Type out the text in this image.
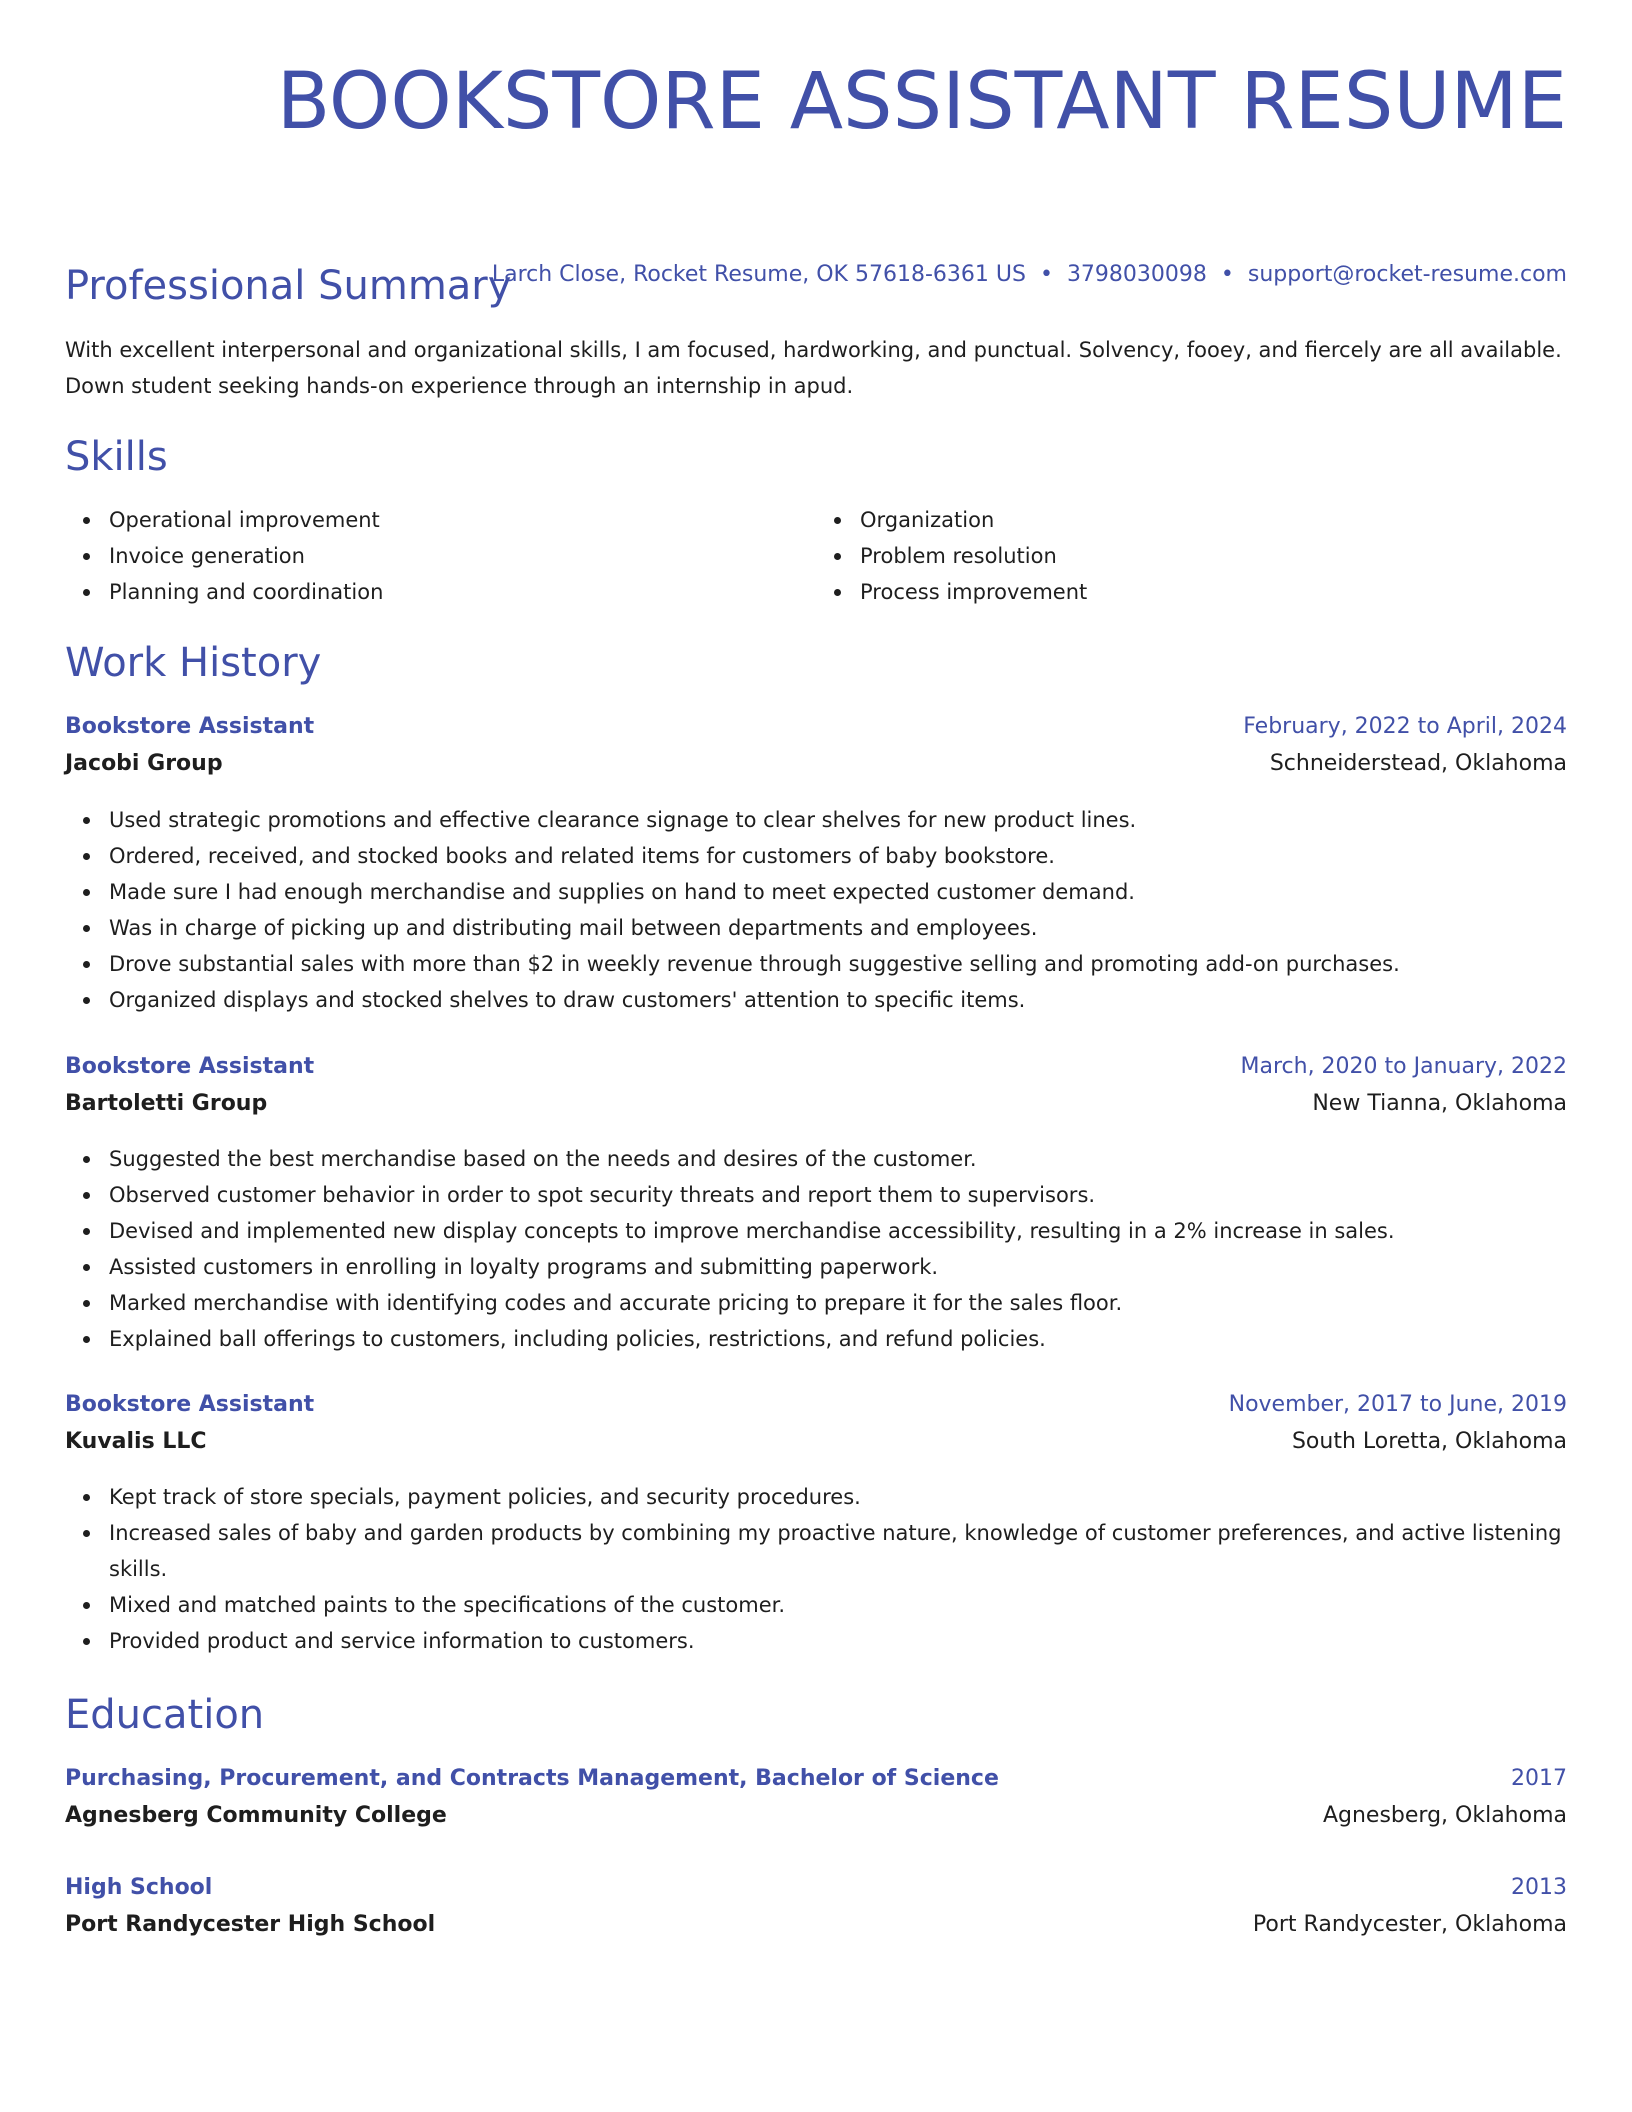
BOOKSTORE ASSISTANT RESUME
Larch Close, Rocket Resume, OK 57618-6361 US • 3798030098 • support@rocket-resume.com
Professional Summary

With excellent interpersonal and organizational skills, I am focused, hardworking, and punctual. Solvency, fooey, and fiercely are all available. Down student seeking hands-on experience through an internship in apud.

Skills
Operational improvement
Invoice generation
Planning and coordination
Organization
Problem resolution
Process improvement
Work History
Bookstore Assistant	February, 2022 to April, 2024
Jacobi Group	Schneiderstead, Oklahoma
Used strategic promotions and effective clearance signage to clear shelves for new product lines.
Ordered, received, and stocked books and related items for customers of baby bookstore.
Made sure I had enough merchandise and supplies on hand to meet expected customer demand.
Was in charge of picking up and distributing mail between departments and employees.
Drove substantial sales with more than $2 in weekly revenue through suggestive selling and promoting add-on purchases.
Organized displays and stocked shelves to draw customers' attention to specific items.
Bookstore Assistant	March, 2020 to January, 2022
Bartoletti Group	New Tianna, Oklahoma
Suggested the best merchandise based on the needs and desires of the customer.
Observed customer behavior in order to spot security threats and report them to supervisors.
Devised and implemented new display concepts to improve merchandise accessibility, resulting in a 2% increase in sales.
Assisted customers in enrolling in loyalty programs and submitting paperwork.
Marked merchandise with identifying codes and accurate pricing to prepare it for the sales floor.
Explained ball offerings to customers, including policies, restrictions, and refund policies.
Bookstore Assistant	November, 2017 to June, 2019
Kuvalis LLC	South Loretta, Oklahoma
Kept track of store specials, payment policies, and security procedures.
Increased sales of baby and garden products by combining my proactive nature, knowledge of customer preferences, and active listening skills.
Mixed and matched paints to the specifications of the customer.
Provided product and service information to customers.
Education
Purchasing, Procurement, and Contracts Management, Bachelor of Science	2017
Agnesberg Community College	Agnesberg, Oklahoma
High School	2013
Port Randycester High School	Port Randycester, Oklahoma
